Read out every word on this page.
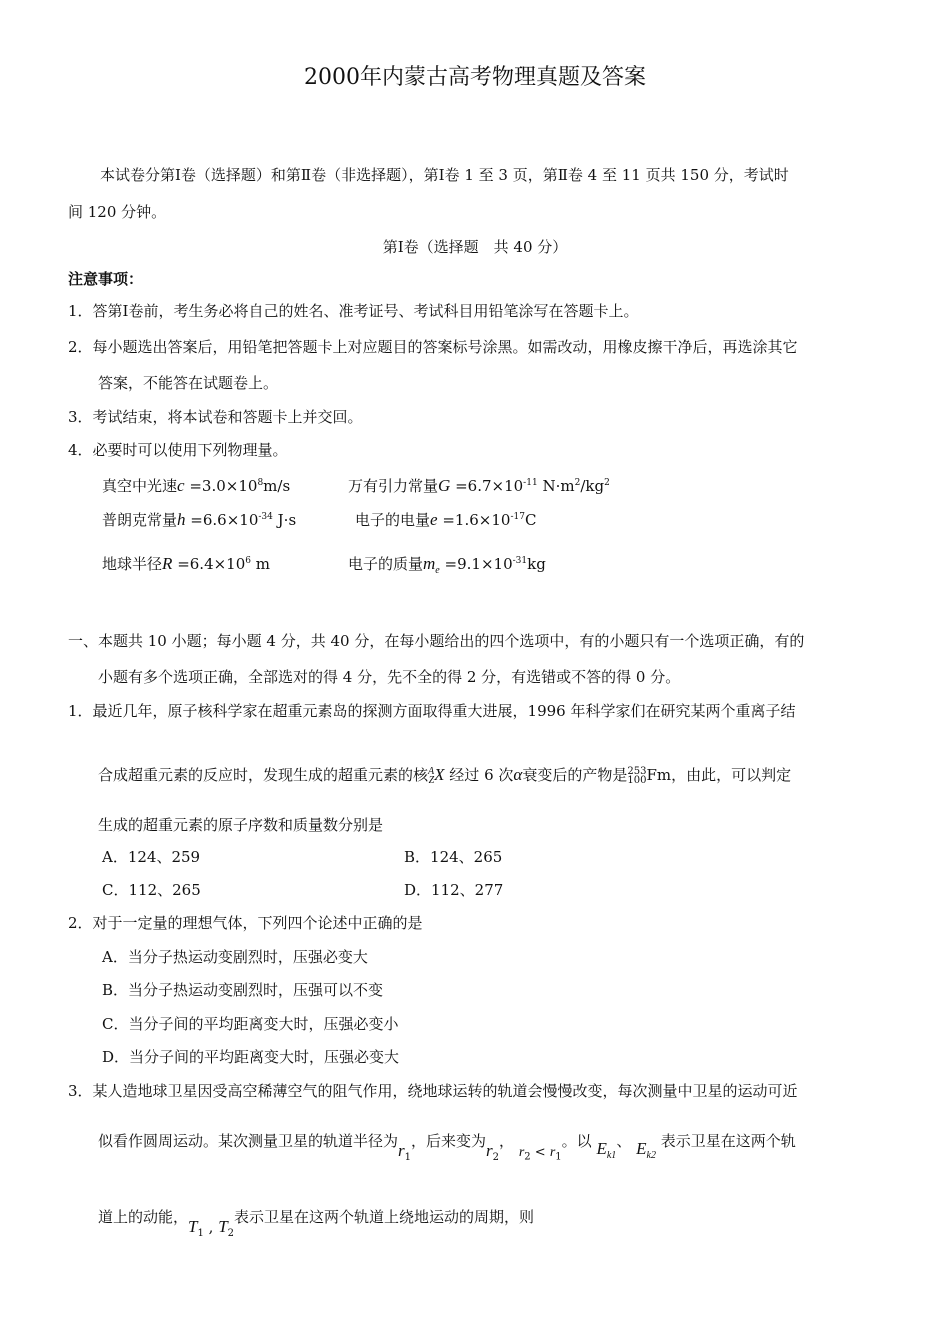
2000年内蒙古高考物理真题及答案
本试卷分第Ⅰ卷（选择题）和第Ⅱ卷（非选择题），第Ⅰ卷 1 至 3 页，第Ⅱ卷 4 至 11 页共 150 分，考试时
间 120 分钟。
第Ⅰ卷（选择题　共 40 分）
注意事项：
1．答第Ⅰ卷前，考生务必将自己的姓名、准考证号、考试科目用铅笔涂写在答题卡上。
2．每小题选出答案后，用铅笔把答题卡上对应题目的答案标号涂黑。如需改动，用橡皮擦干净后，再选涂其它
答案，不能答在试题卷上。
3．考试结束，将本试卷和答题卡上并交回。
4．必要时可以使用下列物理量。
真空中光速$c =3.0\times 10^8m/s$	万有引力常量$G =6.7\times 10^{-11}$ $N\cdot m^2/kg^2$
普朗克常量$h =6.6\times 10^{-34}$ J·s	电子的电量$e =1.6\times 10^{-17}C$
地球半径$R =6.4\times 10^6$ m	电子的质量$m_e =9.1\times 10^{-31}kg$
一、本题共 10 小题；每小题 4 分，共 40 分，在每小题给出的四个选项中，有的小题只有一个选项正确，有的
小题有多个选项正确，全部选对的得 4 分，先不全的得 2 分，有选错或不答的得 0 分。
1．最近几年，原子核科学家在超重元素岛的探测方面取得重大进展，1996 年科学家们在研究某两个重离子结
合成超重元素的反应时，发现生成的超重元素的核 A
Z X 经过 6 次α衰变后的产物是 253
100 Fm，由此，可以判定
生成的超重元素的原子序数和质量数分别是
A．124、259	B．124、265
C．112、265	D．112、277
2．对于一定量的理想气体，下列四个论述中正确的是
A．当分子热运动变剧烈时，压强必变大
B．当分子热运动变剧烈时，压强可以不变
C．当分子间的平均距离变大时，压强必变小
D．当分子间的平均距离变大时，压强必变大
3．某人造地球卫星因受高空稀薄空气的阻气作用，绕地球运转的轨道会慢慢改变，每次测量中卫星的运动可近
似看作圆周运动。某次测量卫星的轨道半径为$r_1$，后来变为$r_2$， $r_2 < r_1$。以 $E_{k1}$、 $E_{k2}$ 表示卫星在这两个轨
道上的动能，$T_1$ , $T_2$表示卫星在这两个轨道上绕地运动的周期，则
